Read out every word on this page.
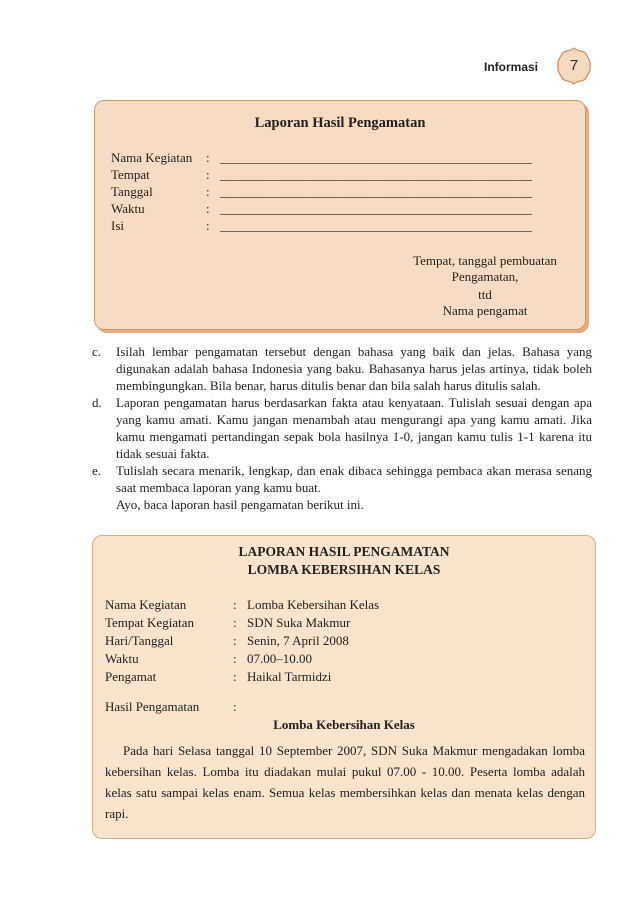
Informasi	7
Laporan Hasil Pengamatan
Nama Kegiatan : ________________________________________________
Tempat	: ________________________________________________
Tanggal	: ________________________________________________
Waktu	: ________________________________________________
Isi	: ________________________________________________
Tempat, tanggal pembuatan
Pengamatan,
ttd
Nama pengamat
c. Isilah lembar pengamatan tersebut dengan bahasa yang baik dan jelas. Bahasa yang digunakan adalah bahasa Indonesia yang baku. Bahasanya harus jelas artinya, tidak boleh membingungkan. Bila benar, harus ditulis benar dan bila salah harus ditulis salah.
d. Laporan pengamatan harus berdasarkan fakta atau kenyataan. Tulislah sesuai dengan apa yang kamu amati. Kamu jangan menambah atau mengurangi apa yang kamu amati. Jika kamu mengamati pertandingan sepak bola hasilnya 1-0, jangan kamu tulis 1-1 karena itu tidak sesuai fakta.
e. Tulislah secara menarik, lengkap, dan enak dibaca sehingga pembaca akan merasa senang saat membaca laporan yang kamu buat.
Ayo, baca laporan hasil pengamatan berikut ini.
LAPORAN HASIL PENGAMATAN
LOMBA KEBERSIHAN KELAS
Nama Kegiatan	: Lomba Kebersihan Kelas
Tempat Kegiatan	: SDN Suka Makmur
Hari/Tanggal	: Senin, 7 April 2008
Waktu	: 07.00–10.00
Pengamat	: Haikal Tarmidzi
Hasil Pengamatan	:
Lomba Kebersihan Kelas
Pada hari Selasa tanggal 10 September 2007, SDN Suka Makmur mengadakan lomba kebersihan kelas. Lomba itu diadakan mulai pukul 07.00 - 10.00. Peserta lomba adalah kelas satu sampai kelas enam. Semua kelas membersihkan kelas dan menata kelas dengan rapi.
